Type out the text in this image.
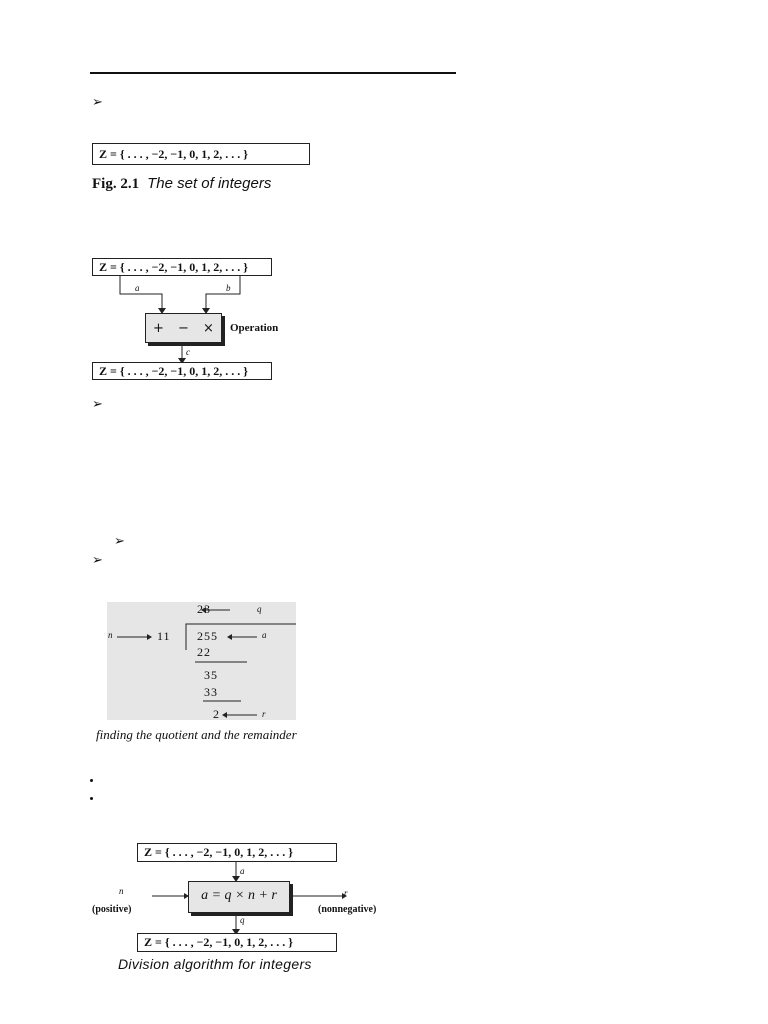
➢
Z = { . . . , −2, −1, 0, 1, 2, . . . }
Fig. 2.1 The set of integers
Z = { . . . , −2, −1, 0, 1, 2, . . . }
a	b
+ − × Operation
c
Z = { . . . , −2, −1, 0, 1, 2, . . . }
➢
➢
➢
23	q
n	11 255	a
22
35
33
2	r
finding the quotient and the remainder
Z = { . . . , −2, −1, 0, 1, 2, . . . }
a
n
(positive)
a = q × n + r	r
(nonnegative)
q
Z = { . . . , −2, −1, 0, 1, 2, . . . }
Division algorithm for integers
